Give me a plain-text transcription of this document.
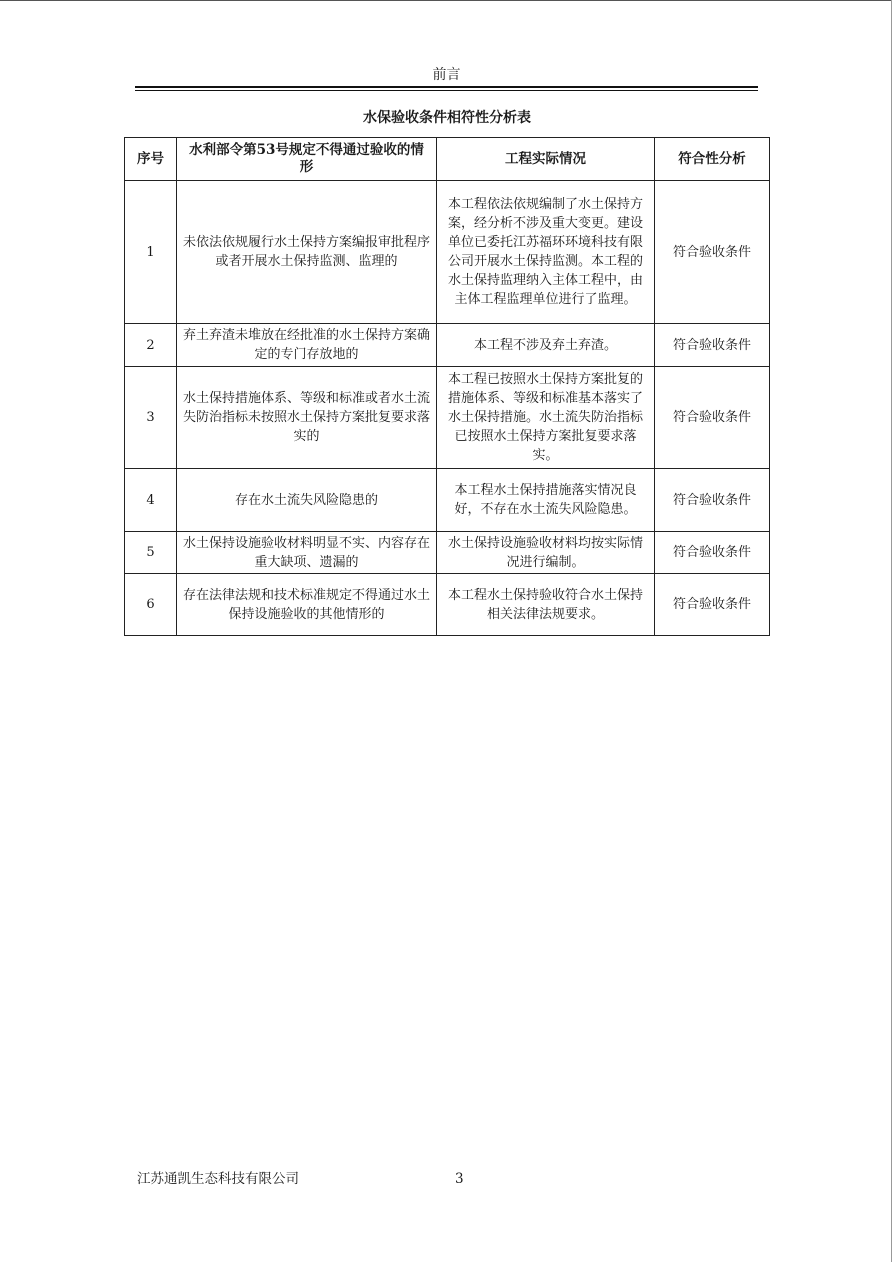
前言
水保验收条件相符性分析表
序号	水利部令第53号规定不得通过验收的情形	工程实际情况	符合性分析
1	未依法依规履行水土保持方案编报审批程序或者开展水土保持监测、监理的	本工程依法依规编制了水土保持方案，经分析不涉及重大变更。建设单位已委托江苏福环环境科技有限公司开展水土保持监测。本工程的水土保持监理纳入主体工程中，由主体工程监理单位进行了监理。	符合验收条件
2	弃土弃渣未堆放在经批准的水土保持方案确定的专门存放地的	本工程不涉及弃土弃渣。	符合验收条件
3	水土保持措施体系、等级和标准或者水土流失防治指标未按照水土保持方案批复要求落实的	本工程已按照水土保持方案批复的措施体系、等级和标准基本落实了水土保持措施。水土流失防治指标已按照水土保持方案批复要求落实。	符合验收条件
4	存在水土流失风险隐患的	本工程水土保持措施落实情况良好，不存在水土流失风险隐患。	符合验收条件
5	水土保持设施验收材料明显不实、内容存在重大缺项、遗漏的	水土保持设施验收材料均按实际情况进行编制。	符合验收条件
6	存在法律法规和技术标准规定不得通过水土保持设施验收的其他情形的	本工程水土保持验收符合水土保持相关法律法规要求。	符合验收条件
江苏通凯生态科技有限公司	3
